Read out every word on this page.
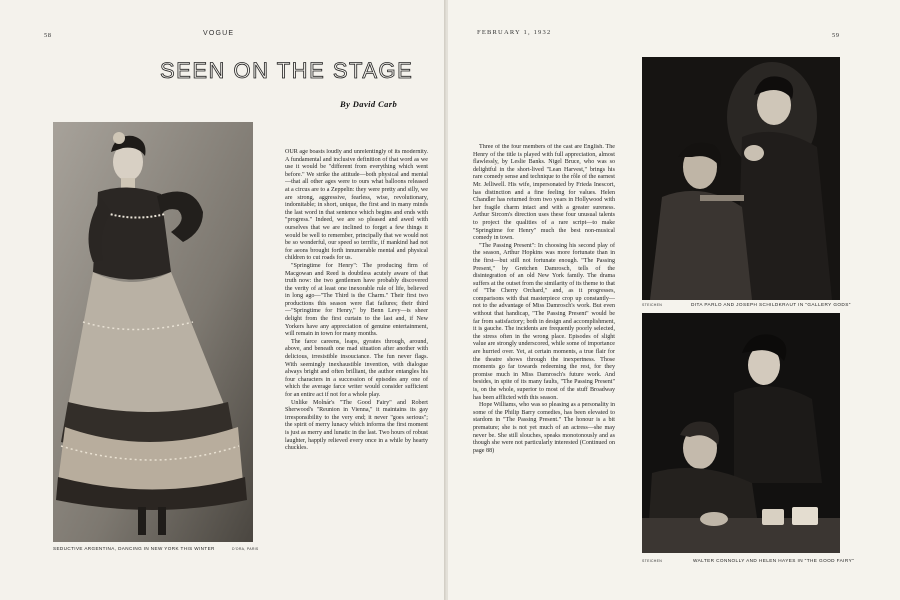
58	VOGUE
SEEN ON THE STAGE
By David Carb
SEDUCTIVE ARGENTINA, DANCING IN NEW YORK THIS WINTER	D'ORA, PARIS

OUR age boasts loudly and unrelentingly of its modernity. A fundamental and inclusive definition of that word as we use it would be "different from everything which went before." We strike the attitude—both physical and mental—that all other ages were to ours what balloons released at a circus are to a Zeppelin: they were pretty and silly, we are strong, aggressive, fearless, wise, revolutionary, indomitable; in short, unique, the first and in many minds the last word in that sentence which begins and ends with "progress." Indeed, we are so pleased and awed with ourselves that we are inclined to forget a few things it would be well to remember, principally that we would not be so wonderful, our speed so terrific, if mankind had not for aeons brought forth innumerable mental and physical children to cut roads for us.

"Springtime for Henry": The producing firm of Macgowan and Reed is doubtless acutely aware of that truth now: the two gentlemen have probably discovered the verity of at least one inexorable rule of life, believed in long ago—"The Third is the Charm." Their first two productions this season were flat failures; their third—"Springtime for Henry," by Benn Levy—is sheer delight from the first curtain to the last and, if New Yorkers have any appreciation of genuine entertainment, will remain in town for many months.

The farce careens, leaps, gyrates through, around, above, and beneath one mad situation after another with delicious, irresistible insouciance. The fun never flags. With seemingly inexhaustible invention, with dialogue always bright and often brilliant, the author entangles his four characters in a succession of episodes any one of which the average farce writer would consider sufficient for an entire act if not for a whole play.

Unlike Molnár's "The Good Fairy" and Robert Sherwood's "Reunion in Vienna," it maintains its gay irresponsibility to the very end; it never "goes serious"; the spirit of merry lunacy which informs the first moment is just as merry and lunatic in the last. Two hours of robust laughter, happily relieved every once in a while by hearty chuckles.

FEBRUARY 1, 1932	59

Three of the four members of the cast are English. The Henry of the title is played with full appreciation, almost flawlessly, by Leslie Banks. Nigel Bruce, who was so delightful in the short-lived "Lean Harvest," brings his rare comedy sense and technique to the rôle of the earnest Mr. Jelliwell. His wife, impersonated by Frieda Inescort, has distinction and a fine feeling for values. Helen Chandler has returned from two years in Hollywood with her fragile charm intact and with a greater sureness. Arthur Sircom's direction uses these four unusual talents to project the qualities of a rare script—to make "Springtime for Henry" much the best non-musical comedy in town.

"The Passing Present": In choosing his second play of the season, Arthur Hopkins was more fortunate than in the first—but still not fortunate enough. "The Passing Present," by Gretchen Damrosch, tells of the disintegration of an old New York family. The drama suffers at the outset from the similarity of its theme to that of "The Cherry Orchard," and, as it progresses, comparisons with that masterpiece crop up constantly—not to the advantage of Miss Damrosch's work. But even without that handicap, "The Passing Present" would be far from satisfactory; both in design and accomplishment, it is gauche. The incidents are frequently poorly selected, the stress often in the wrong place. Episodes of slight value are strongly underscored, while some of importance are hurried over. Yet, at certain moments, a true flair for the theatre shows through the inexpertness. Those moments go far towards redeeming the rest, for they promise much in Miss Damrosch's future work. And besides, in spite of its many faults, "The Passing Present" is, on the whole, superior to most of the stuff Broadway has been afflicted with this season.

Hope Williams, who was so pleasing as a personality in some of the Philip Barry comedies, has been elevated to stardom in "The Passing Present." The honour is a bit premature; she is not yet much of an actress—she may never be. She still slouches, speaks monotonously and as though she were not particularly interested (Continued on page 88)

STEICHEN	DITA PARLO AND JOSEPH SCHILDKRAUT IN "GALLERY GODS"
STEICHEN	WALTER CONNOLLY AND HELEN HAYES IN "THE GOOD FAIRY"
